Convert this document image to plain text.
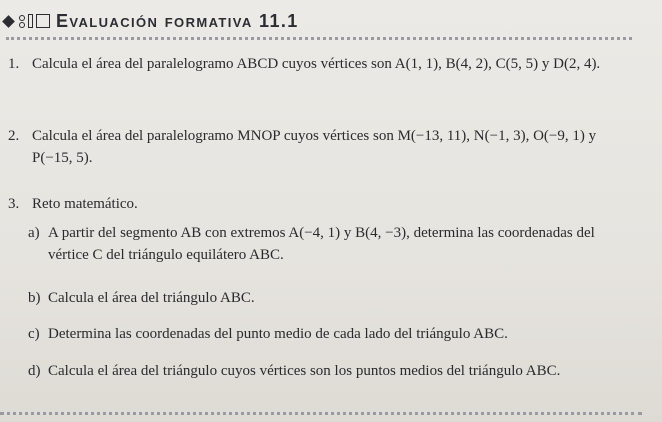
Evaluación formativa 11.1
1. Calcula el área del paralelogramo ABCD cuyos vértices son A(1, 1), B(4, 2), C(5, 5) y D(2, 4).
2. Calcula el área del paralelogramo MNOP cuyos vértices son M(−13, 11), N(−1, 3), O(−9, 1) y
P(−15, 5).
3. Reto matemático.
a) A partir del segmento AB con extremos A(−4, 1) y B(4, −3), determina las coordenadas del
vértice C del triángulo equilátero ABC.
b) Calcula el área del triángulo ABC.
c) Determina las coordenadas del punto medio de cada lado del triángulo ABC.
d) Calcula el área del triángulo cuyos vértices son los puntos medios del triángulo ABC.
